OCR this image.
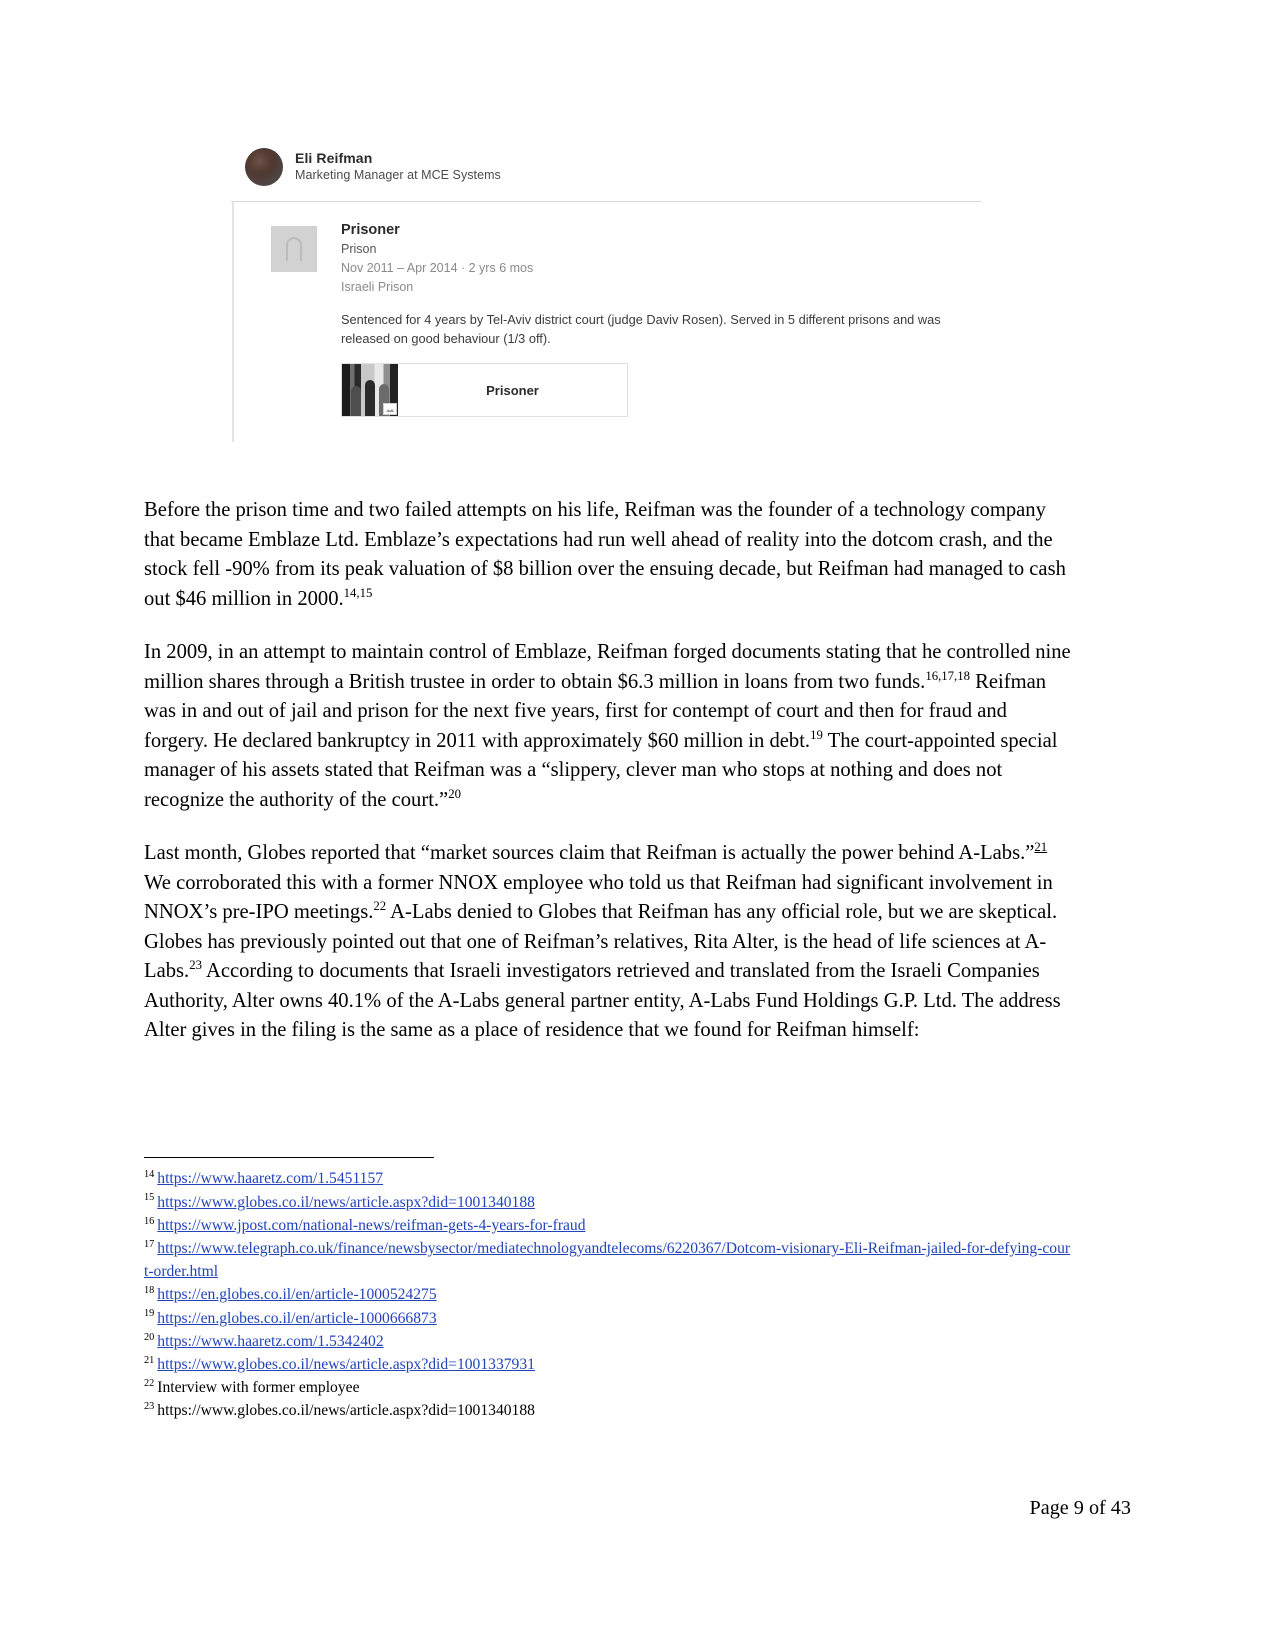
Eli Reifman
Marketing Manager at MCE Systems
Prisoner
Prison
Nov 2011 – Apr 2014 · 2 yrs 6 mos
Israeli Prison
Sentenced for 4 years by Tel-Aviv district court (judge Daviv Rosen). Served in 5 different prisons and was released on good behaviour (1/3 off).
Prisoner

Before the prison time and two failed attempts on his life, Reifman was the founder of a technology company that became Emblaze Ltd. Emblaze’s expectations had run well ahead of reality into the dotcom crash, and the stock fell -90% from its peak valuation of $8 billion over the ensuing decade, but Reifman had managed to cash out $46 million in 2000.$^{14,15}$

In 2009, in an attempt to maintain control of Emblaze, Reifman forged documents stating that he controlled nine million shares through a British trustee in order to obtain $6.3 million in loans from two funds.$^{16,17,18}$ Reifman was in and out of jail and prison for the next five years, first for contempt of court and then for fraud and forgery. He declared bankruptcy in 2011 with approximately $60 million in debt.$^{19}$ The court-appointed special manager of his assets stated that Reifman was a “slippery, clever man who stops at nothing and does not recognize the authority of the court.”$^{20}$

Last month, Globes reported that “market sources claim that Reifman is actually the power behind A-Labs.”$^{21}$ We corroborated this with a former NNOX employee who told us that Reifman had significant involvement in NNOX’s pre-IPO meetings.$^{22}$ A-Labs denied to Globes that Reifman has any official role, but we are skeptical. Globes has previously pointed out that one of Reifman’s relatives, Rita Alter, is the head of life sciences at A-Labs.$^{23}$ According to documents that Israeli investigators retrieved and translated from the Israeli Companies Authority, Alter owns 40.1% of the A-Labs general partner entity, A-Labs Fund Holdings G.P. Ltd. The address Alter gives in the filing is the same as a place of residence that we found for Reifman himself:

$^{14}$ https://www.haaretz.com/1.5451157
$^{15}$ https://www.globes.co.il/news/article.aspx?did=1001340188
$^{16}$ https://www.jpost.com/national-news/reifman-gets-4-years-for-fraud
$^{17}$ https://www.telegraph.co.uk/finance/newsbysector/mediatechnologyandtelecoms/6220367/Dotcom-visionary-Eli-Reifman-jailed-for-defying-court-order.html
$^{18}$ https://en.globes.co.il/en/article-1000524275
$^{19}$ https://en.globes.co.il/en/article-1000666873
$^{20}$ https://www.haaretz.com/1.5342402
$^{21}$ https://www.globes.co.il/news/article.aspx?did=1001337931
$^{22}$ Interview with former employee
$^{23}$ https://www.globes.co.il/news/article.aspx?did=1001340188
Page 9 of 43
